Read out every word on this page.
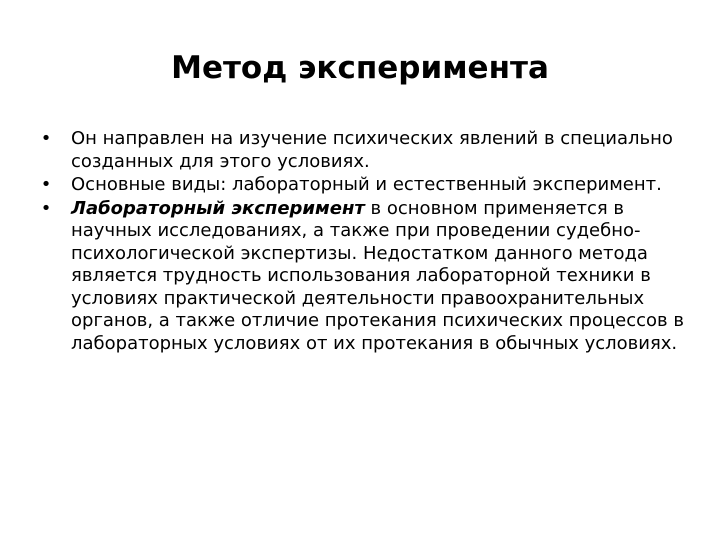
Метод эксперимента
• Он направлен на изучение психических явлений в специально созданных для этого условиях.
• Основные виды: лабораторный и естественный эксперимент.
• Лабораторный эксперимент в основном применяется в научных исследованиях, а также при проведении судебно-психологической экспертизы. Недостатком данного метода является трудность использования лабораторной техники в условиях практической деятельности правоохранительных органов, а также отличие протекания психических процессов в лабораторных условиях от их протекания в обычных условиях.
